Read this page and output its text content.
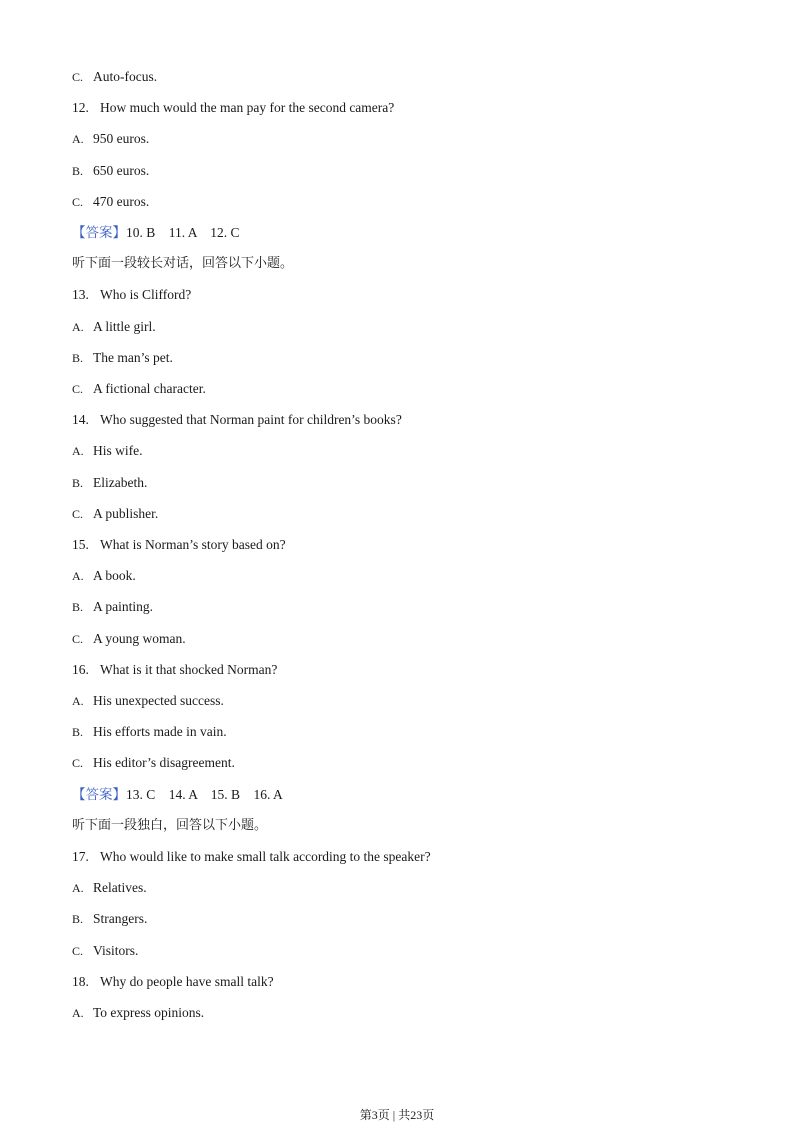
C. Auto-focus.
12. How much would the man pay for the second camera?
A. 950 euros.
B. 650 euros.
C. 470 euros.
【答案】10. B    11. A    12. C
听下面一段较长对话，回答以下小题。
13. Who is Clifford?
A. A little girl.
B. The man’s pet.
C. A fictional character.
14. Who suggested that Norman paint for children’s books?
A. His wife.
B. Elizabeth.
C. A publisher.
15. What is Norman’s story based on?
A. A book.
B. A painting.
C. A young woman.
16. What is it that shocked Norman?
A. His unexpected success.
B. His efforts made in vain.
C. His editor’s disagreement.
【答案】13. C    14. A    15. B    16. A
听下面一段独白，回答以下小题。
17. Who would like to make small talk according to the speaker?
A. Relatives.
B. Strangers.
C. Visitors.
18. Why do people have small talk?
A. To express opinions.
第3页 | 共23页
